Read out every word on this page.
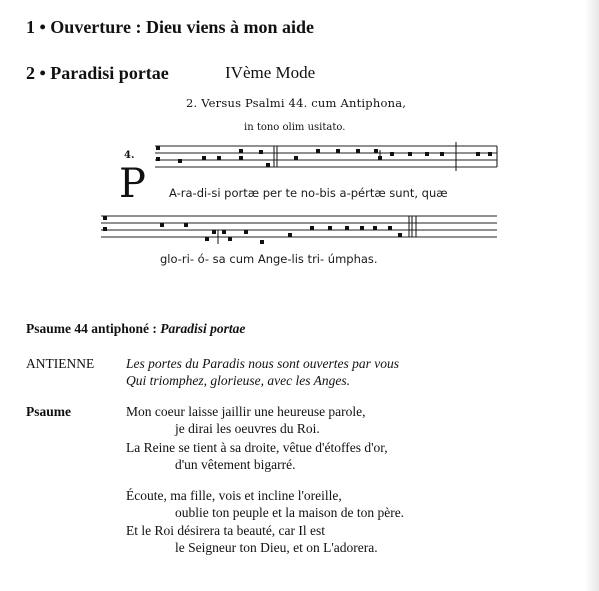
1 • Ouverture : Dieu viens à mon aide
2 • Paradisi portae	IVème Mode
2. Versus Psalmi 44. cum Antiphona,
in tono olim usitato.
4.
P A-ra-di-si portæ per te no-bis a-pértæ sunt, quæ
glo-ri- ó- sa cum Ange-lis tri- úmphas.
Psaume 44 antiphoné : Paradisi portae
ANTIENNE Les portes du Paradis nous sont ouvertes par vous
Qui triomphez, glorieuse, avec les Anges.
Psaume	Mon coeur laisse jaillir une heureuse parole,
je dirai les oeuvres du Roi.
La Reine se tient à sa droite, vêtue d'étoffes d'or,
d'un vêtement bigarré.
Écoute, ma fille, vois et incline l'oreille,
oublie ton peuple et la maison de ton père.
Et le Roi désirera ta beauté, car Il est
le Seigneur ton Dieu, et on L'adorera.
